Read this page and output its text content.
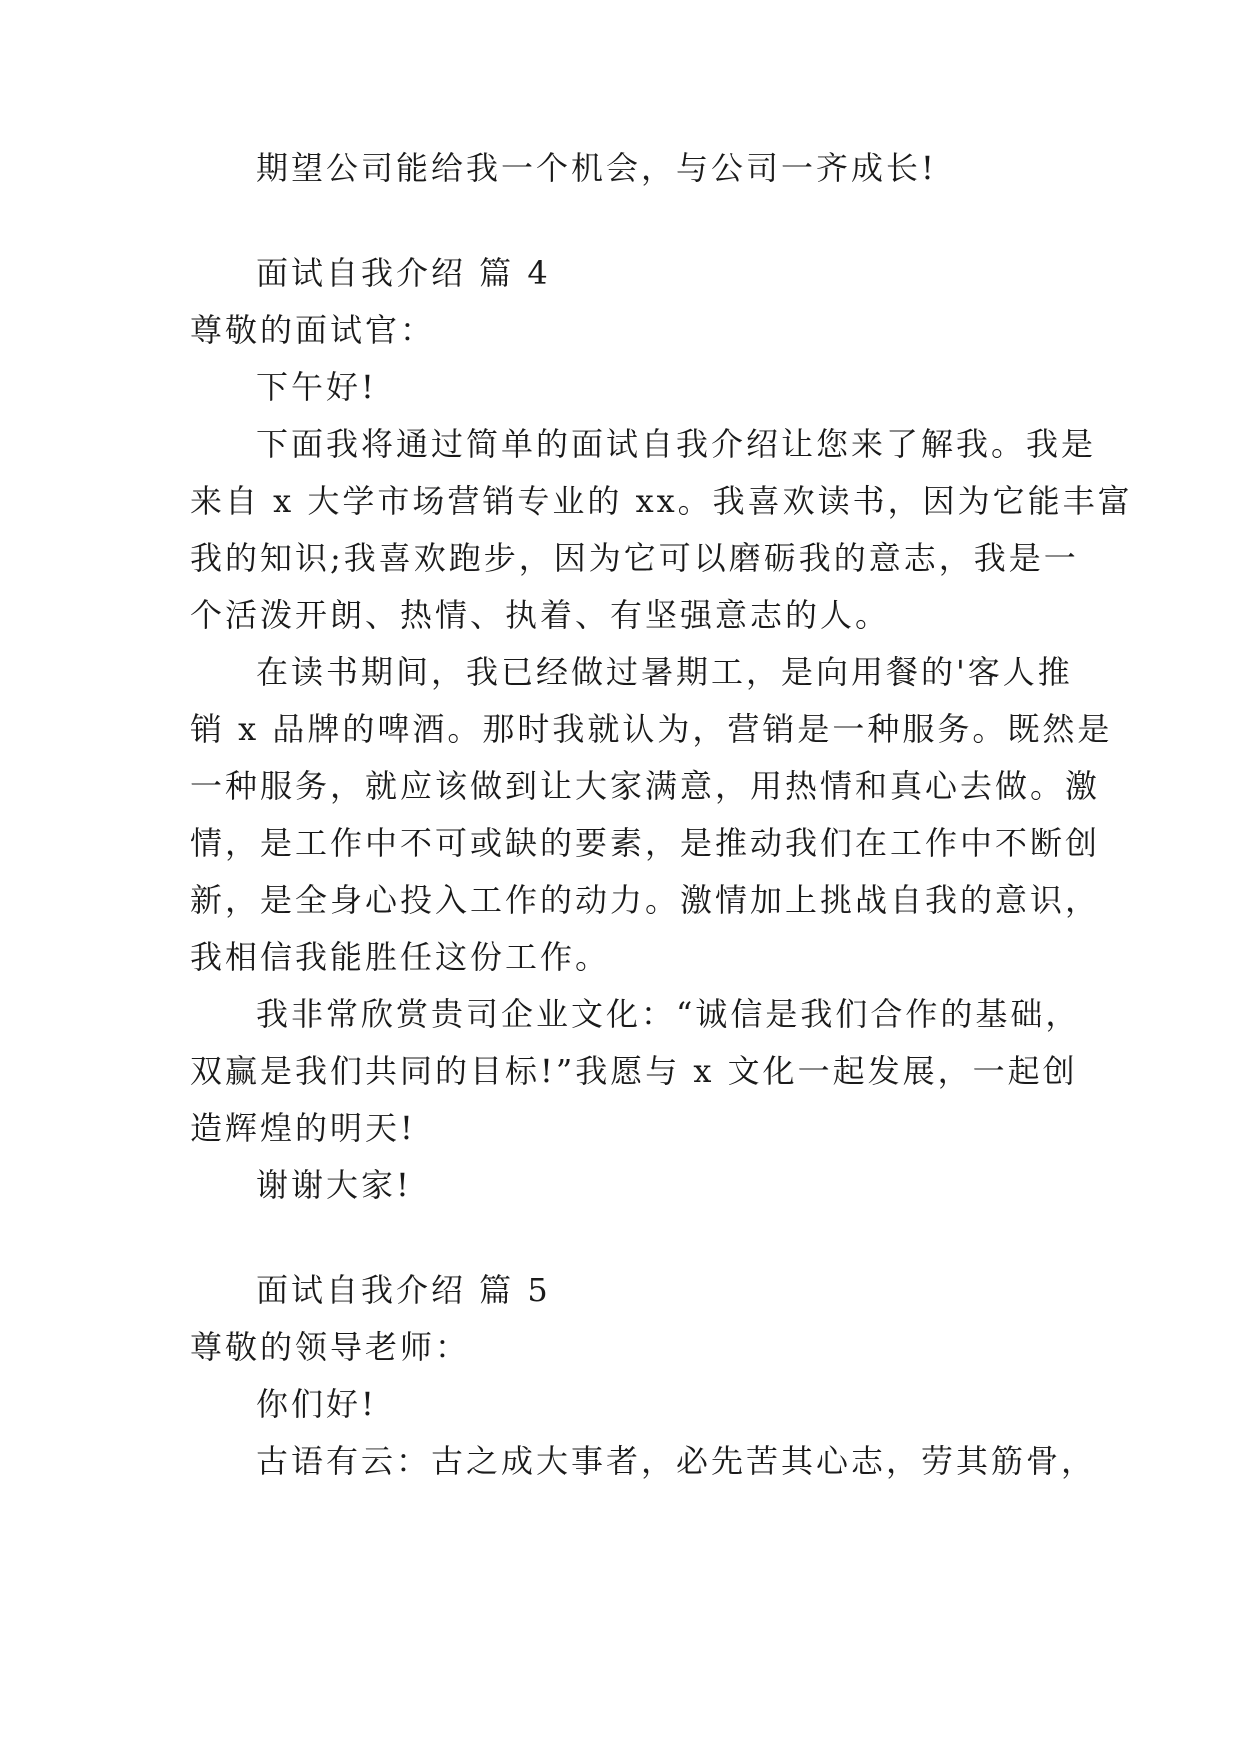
期望公司能给我一个机会，与公司一齐成长!
面试自我介绍 篇 4
尊敬的面试官：
下午好!
下面我将通过简单的面试自我介绍让您来了解我。我是
来自 x 大学市场营销专业的 xx。我喜欢读书，因为它能丰富
我的知识;我喜欢跑步，因为它可以磨砺我的意志，我是一
个活泼开朗、热情、执着、有坚强意志的人。
在读书期间，我已经做过暑期工，是向用餐的'客人推
销 x 品牌的啤酒。那时我就认为，营销是一种服务。既然是
一种服务，就应该做到让大家满意，用热情和真心去做。激
情，是工作中不可或缺的要素，是推动我们在工作中不断创
新，是全身心投入工作的动力。激情加上挑战自我的意识，
我相信我能胜任这份工作。
我非常欣赏贵司企业文化：“诚信是我们合作的基础，
双赢是我们共同的目标!”我愿与 x 文化一起发展，一起创
造辉煌的明天!
谢谢大家!
面试自我介绍 篇 5
尊敬的领导老师：
你们好!
古语有云：古之成大事者，必先苦其心志，劳其筋骨，
